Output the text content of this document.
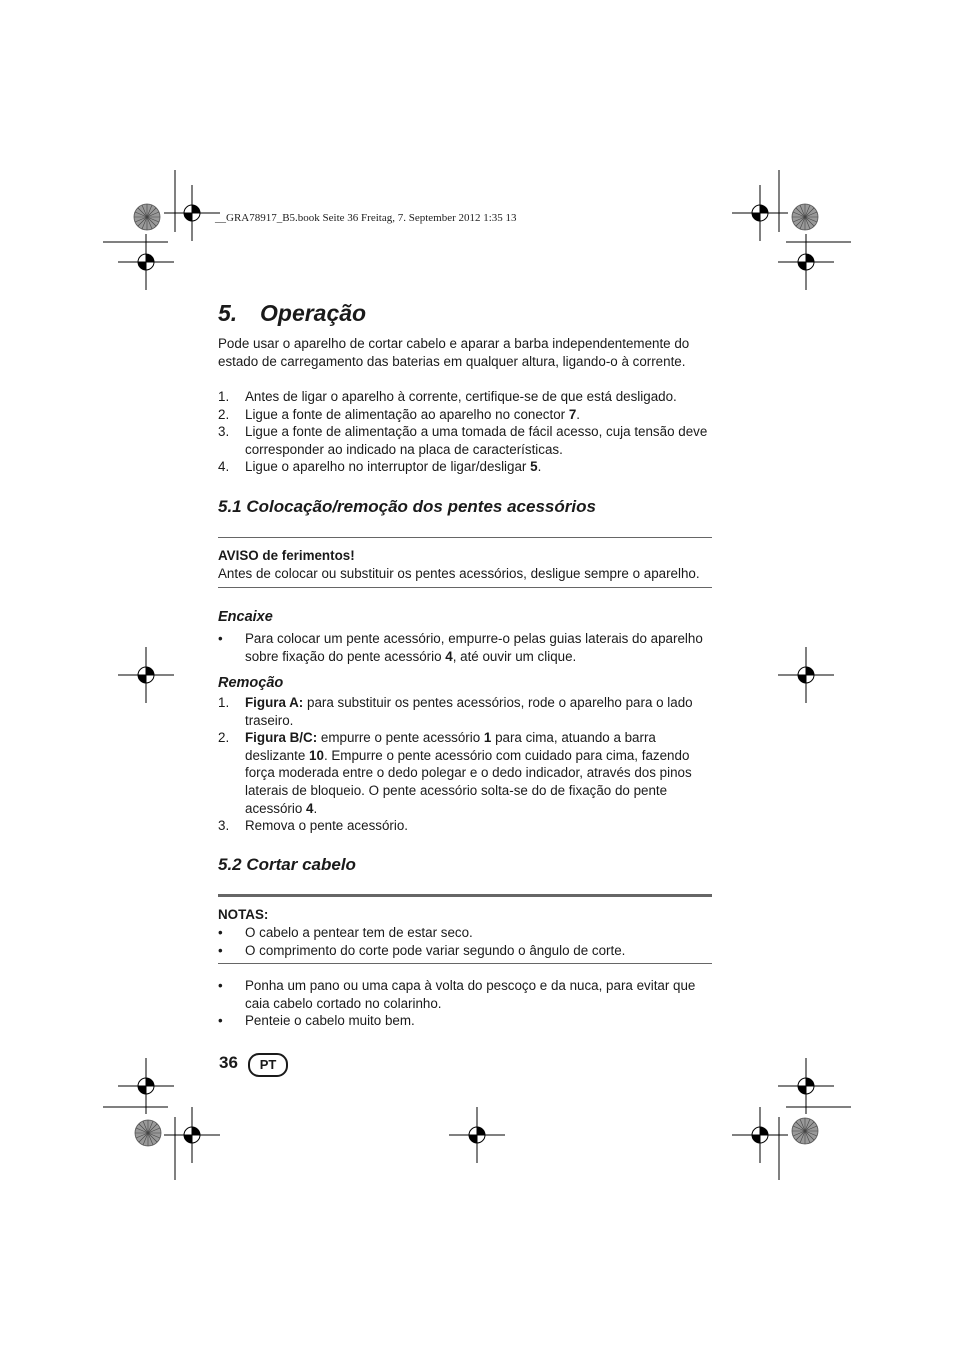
__GRA78917_B5.book Seite 36 Freitag, 7. September 2012 1:35 13
5. Operação
Pode usar o aparelho de cortar cabelo e aparar a barba independentemente do estado de carregamento das baterias em qualquer altura, ligando-o à corrente.
1. Antes de ligar o aparelho à corrente, certifique-se de que está desligado.
2. Ligue a fonte de alimentação ao aparelho no conector 7.
3. Ligue a fonte de alimentação a uma tomada de fácil acesso, cuja tensão deve corresponder ao indicado na placa de características.
4. Ligue o aparelho no interruptor de ligar/desligar 5.
5.1 Colocação/remoção dos pentes acessórios
AVISO de ferimentos!
Antes de colocar ou substituir os pentes acessórios, desligue sempre o aparelho.
Encaixe
• Para colocar um pente acessório, empurre-o pelas guias laterais do aparelho sobre fixação do pente acessório 4, até ouvir um clique.
Remoção
1. Figura A: para substituir os pentes acessórios, rode o aparelho para o lado traseiro.
2. Figura B/C: empurre o pente acessório 1 para cima, atuando a barra deslizante 10. Empurre o pente acessório com cuidado para cima, fazendo força moderada entre o dedo polegar e o dedo indicador, através dos pinos laterais de bloqueio. O pente acessório solta-se do de fixação do pente acessório 4.
3. Remova o pente acessório.
5.2 Cortar cabelo
NOTAS:
• O cabelo a pentear tem de estar seco.
• O comprimento do corte pode variar segundo o ângulo de corte.
• Ponha um pano ou uma capa à volta do pescoço e da nuca, para evitar que caia cabelo cortado no colarinho.
• Penteie o cabelo muito bem.
36	PT
